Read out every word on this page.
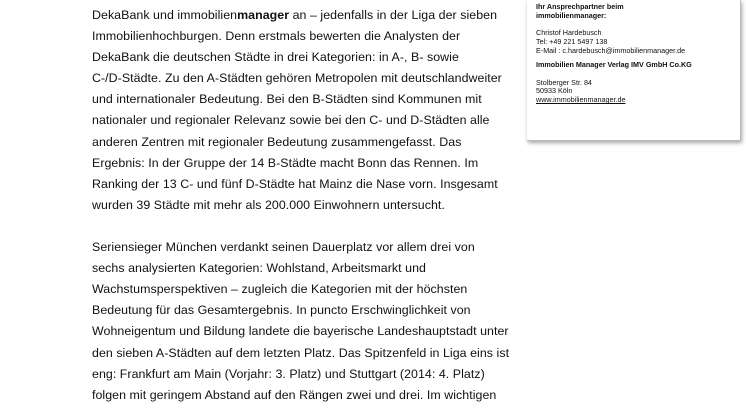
DekaBank und immobilienmanager an – jedenfalls in der Liga der sieben
Immobilienhochburgen. Denn erstmals bewerten die Analysten der
DekaBank die deutschen Städte in drei Kategorien: in A-, B- sowie
C-/D-Städte. Zu den A-Städten gehören Metropolen mit deutschlandweiter
und internationaler Bedeutung. Bei den B-Städten sind Kommunen mit
nationaler und regionaler Relevanz sowie bei den C- und D-Städten alle
anderen Zentren mit regionaler Bedeutung zusammengefasst. Das
Ergebnis: In der Gruppe der 14 B-Städte macht Bonn das Rennen. Im
Ranking der 13 C- und fünf D-Städte hat Mainz die Nase vorn. Insgesamt
wurden 39 Städte mit mehr als 200.000 Einwohnern untersucht.
Seriensieger München verdankt seinen Dauerplatz vor allem drei von
sechs analysierten Kategorien: Wohlstand, Arbeitsmarkt und
Wachstumsperspektiven – zugleich die Kategorien mit der höchsten
Bedeutung für das Gesamtergebnis. In puncto Erschwinglichkeit von
Wohneigentum und Bildung landete die bayerische Landeshauptstadt unter
den sieben A-Städten auf dem letzten Platz. Das Spitzenfeld in Liga eins ist
eng: Frankfurt am Main (Vorjahr: 3. Platz) und Stuttgart (2014: 4. Platz)
folgen mit geringem Abstand auf den Rängen zwei und drei. Im wichtigen
Ihr Ansprechpartner beim
immobilienmanager:
Christof Hardebusch
Tel: +49 221 5497 138
E-Mail : c.hardebusch@immobilienmanager.de
Immobilien Manager Verlag IMV GmbH Co.KG
Stolberger Str. 84
50933 Köln
www.immobilienmanager.de
